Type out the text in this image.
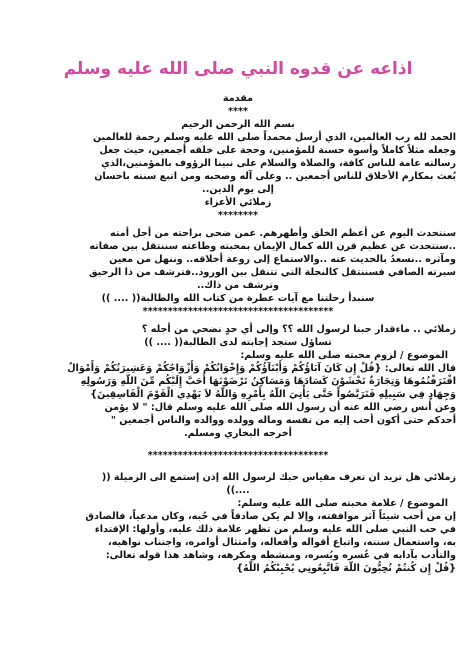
اذاعه عن قدوه النبي صلى الله عليه وسلم
مقدمة
****
بسم الله الرحمن الرحيم
الحمد لله رب العالمين، الذي أرسل محمداً صلى الله عليه وسلم رحمة للعالمين
وجعله مثلاً كاملاً وأسوة حسنة للمؤمنين، وحجة على خلقه أجمعين، حيث جعل
رسالته عامة للناس كافة، والصلاة والسلام على نبينا الرؤوف بالمؤمنين،الذي
بُعث بمكارم الأخلاق للناس أجمعين .. وعلى آله وصحبه ومن اتبع سنته باحسان
إلى يوم الدين..
زملائي الأعزاء
********
سنتحدث اليوم عن أعظم الخلق وأطهرهم. عمن ضحى براحته من أجل أمته
..سنتحدث عن عظيم قرن الله كمال الإيمان بمحبته وطاعته سننتقل بين صفاته
ومآثره ..نسعدُ بالحديث عنه ..والاستماع إلى روعة أخلاقه.. وننهل من معين
سيرته الصافي فسننتقل كالنحلة التي تتنقل بين الورود..فترشف من ذا الرحيق
وترشف من ذاك..
سنبدأ رحلتنا مع آيات عطرة من كتاب الله والطالبة(( .... ))
**************************************
زملائي .. ماءقدار حبنا لرسول الله ؟؟ وإلى أي حدٍ نضحي من أجله ؟
تساؤل سنجد إجابته لدى الطالبة(( .... ))
الموضوع / لزوم محبته صلى الله عليه وسلم:
قال الله تعالى: {قُلْ إِن كَانَ آبَاؤُكُمْ وَأَبْنَآؤُكُمْ وَإِخْوَانُكُمْ وَأَزْوَاجُكُمْ وَعَشِيرَتُكُمْ وَأَمْوَالٌ
اقْتَرَفْتُمُوهَا وَتِجَارَةٌ تَخْشَوْنَ كَسَادَهَا وَمَسَاكِنُ تَرْضَوْنَهَا أَحَبَّ إِلَيْكُم مِّنَ اللّهِ وَرَسُولِهِ
وَجِهَادٍ فِي سَبِيلِهِ فَتَرَبَّصُواْ حَتَّى يَأْتِيَ اللّهُ بِأَمْرِهِ وَاللّهُ لاَ يَهْدِي الْقَوْمَ الْفَاسِقِينَ}
وعن أنس رضي الله عنه أن رسول الله صلى الله عليه وسلم قال: " لا يؤمن
أحدكم حتى أكون أحب إليه من نفسه وماله وولده ووالده والناس أجمعين "
أخرجه البخاري ومسلم.
************************************
زملائي هل تريد ان تعرف مقياس حبك لرسول الله إذن إستمع الى الزميلة ((
....))
الموضوع / علامة محبته صلى الله عليه وسلم:
إن من أحب شيئاً آثر موافقته، وإلا لم يكن صادقاً في حُبه، وكان مدعياً، فالصادق
في حب النبي صلى الله عليه وسلم من تظهر علامة ذلك عليه، وأولها: الإقتداء
به، واستعمال سنته، واتباع أقواله وأفعاله، وامتثال أوامره، واجتناب نواهيه،
والتأدب بآدابه في عُسره ويُسره، ومنشطه ومكرهه، وشاهد هذا قوله تعالى:
{قُلْ إِن كُنتُمْ تُحِبُّونَ اللّهَ فَاتَّبِعُونِي يُحْبِبْكُمُ اللّهُ}
